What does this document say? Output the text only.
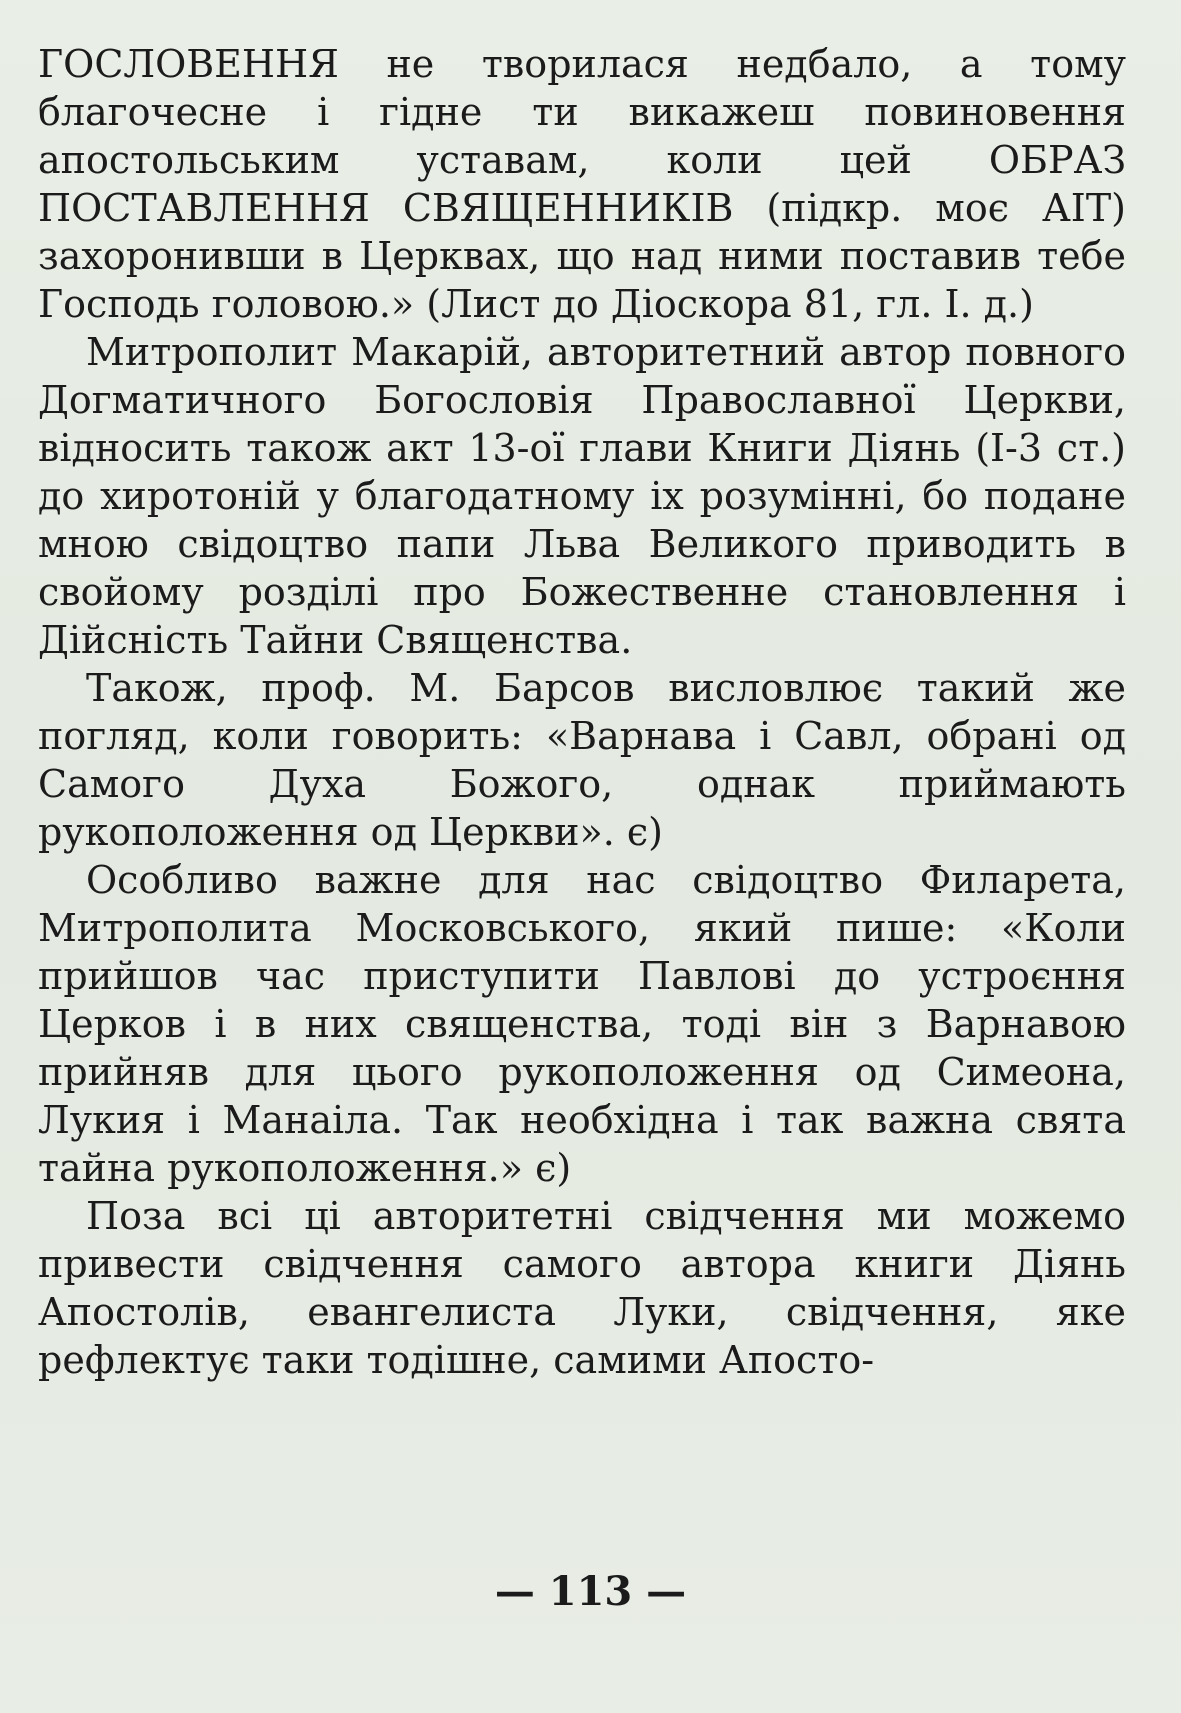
ГОСЛОВЕННЯ не творилася недбало, а тому благочесне і гідне ти викажеш повиновення апостольським уставам, коли цей ОБРАЗ ПОСТАВЛЕННЯ СВЯЩЕННИКІВ (підкр. моє АІТ) захоронивши в Церквах, що над ними поставив тебе Господь головою.» (Лист до Діоскора 81, гл. І. д.)

Митрополит Макарій, авторитетний автор повного Догматичного Богословія Православної Церкви, відносить також акт 13-ої глави Книги Діянь (І-3 ст.) до хиротоній у благодатному іх розумінні, бо подане мною свідоцтво папи Льва Великого приводить в свойому розділі про Божественне становлення і Дійсність Тайни Священства.

Також, проф. М. Барсов висловлює такий же погляд, коли говорить: «Варнава і Савл, обрані од Самого Духа Божого, однак приймають рукоположення од Церкви». є)

Особливо важне для нас свідоцтво Филарета, Митрополита Московського, який пише: «Коли прийшов час приступити Павлові до устроєння Церков і в них священства, тоді він з Варнавою прийняв для цього рукоположення од Симеона, Лукия і Манаіла. Так необхідна і так важна свята тайна рукоположення.» є)

Поза всі ці авторитетні свідчення ми можемо привести свідчення самого автора книги Діянь Апостолів, евангелиста Луки, свідчення, яке рефлектує таки тодішне, самими Апосто-

— 113 —
